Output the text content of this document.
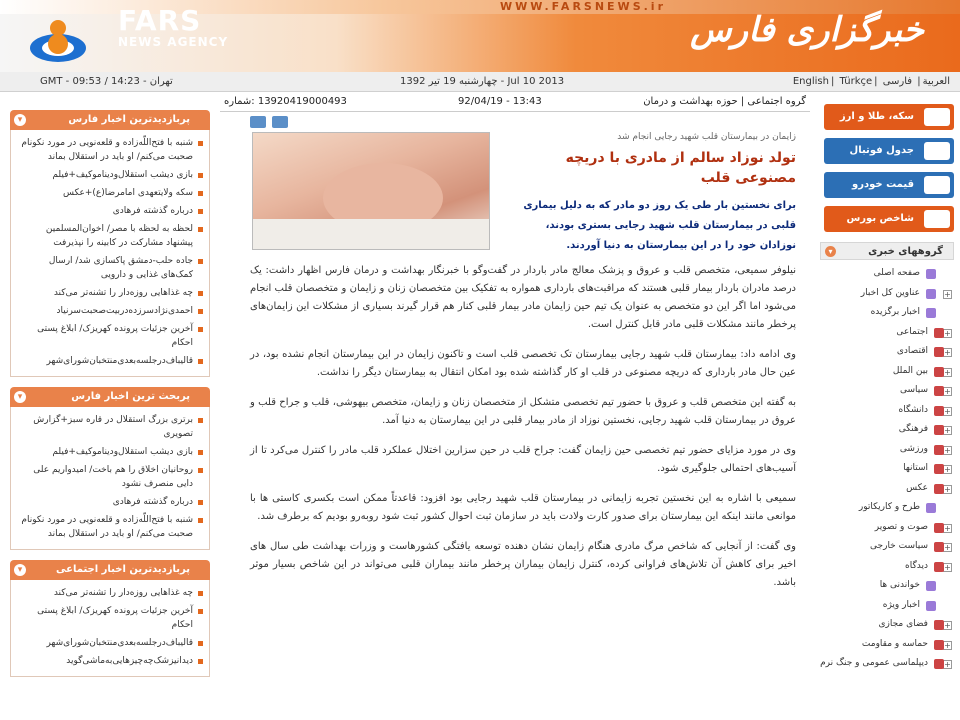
WWW.FARSNEWS.ir
FARS
NEWS AGENCY	خبرگزاری فارس
GMT - 09:53 / تهران - 14:23	چهارشنبه 19 تیر 1392 - Jul 10 2013	English | Türkçe |	العربية| فارسی
▾	پربازدیدترین اخبار فارس
شنبه با فتح‌اللّه‌زاده و قلعه‌نویی در مورد نکونام صحبت می‌کنم/ او باید در استقلال بماند
بازی دیشب استقلال‌ودیناموکیف+فیلم
سکه ولایتعهدی امامرضا(ع)+عکس
درباره گذشته فرهادی
لحظه به لحظه با مصر/ اخوان‌المسلمین پیشنهاد مشارکت در کابینه را نپذیرفت
جاده حلب-دمشق پاکسازی شد/ ارسال کمک‌های غذایی و دارویی
چه غذاهایی روزه‌دار را تشنه‌تر می‌کند
احمدی‌نژادسرزده‌دربیت‌صحبت‌سرنیاد
آخرین جزئیات پرونده کهریزک/ ابلاغ پستی احکام
قالیباف‌درجلسه‌بعدی‌منتخبان‌شورای‌شهر
▾	پربحث ترین اخبار فارس
برتری بزرگ استقلال در قاره سبز+گزارش تصویری
بازی دیشب استقلال‌ودیناموکیف+فیلم
روحانیان اخلاق را هم باخت/ امیدواریم علی دایی منصرف نشود
درباره گذشته فرهادی
شنبه با فتح‌اللّه‌زاده و قلعه‌نویی در مورد نکونام صحبت می‌کنم/ او باید در استقلال بماند
▾	پربازدیدترین اخبار اجتماعی
چه غذاهایی روزه‌دار را تشنه‌تر می‌کند
آخرین جزئیات پرونده کهریزک/ ابلاغ پستی احکام
قالیباف‌درجلسه‌بعدی‌منتخبان‌شورای‌شهر
دیدانیزشک‌چه‌چیزهایی‌به‌ماشی‌گوید
گروه اجتماعی | حوزه بهداشت و درمان
92/04/19 - 13:43
13920419000493 :شماره
زایمان در بیمارستان قلب شهید رجایی انجام شد
تولد نوزاد سالم از مادری با دریچه مصنوعی قلب
برای نخستین بار طی یک روز دو مادر که به دلیل بیماری قلبی در بیمارستان قلب شهید رجایی بستری بودند، نوزادان خود را در این بیمارستان به دنیا آوردند.

نیلوفر سمیعی، متخصص قلب و عروق و پزشک معالج مادر باردار در گفت‌وگو با خبرنگار بهداشت و درمان فارس اظهار داشت: یک درصد مادران باردار بیمار قلبی هستند که مراقبت‌های بارداری همواره به تفکیک بین متخصصان زنان و زایمان و متخصصان قلب انجام می‌شود اما اگر این دو متخصص به عنوان یک تیم حین زایمان مادر بیمار قلبی کنار هم قرار گیرند بسیاری از مشکلات این زایمان‌های پرخطر مانند مشکلات قلبی مادر قابل کنترل است.

وی ادامه داد: بیمارستان قلب شهید رجایی بیمارستان تک تخصصی قلب است و تاکنون زایمان در این بیمارستان انجام نشده بود، در عین حال مادر بارداری که دریچه مصنوعی در قلب او کار گذاشته شده بود امکان انتقال به بیمارستان دیگر را نداشت.

به گفته این متخصص قلب و عروق با حضور تیم تخصصی متشکل از متخصصان زنان و زایمان، متخصص بیهوشی، قلب و جراح قلب و عروق در بیمارستان قلب شهید رجایی، نخستین نوزاد از مادر بیمار قلبی در این بیمارستان به دنیا آمد.

وی در مورد مزایای حضور تیم تخصصی حین زایمان گفت: جراح قلب در حین سزارین اختلال عملکرد قلب مادر را کنترل می‌کرد تا از آسیب‌های احتمالی جلوگیری شود.

سمیعی با اشاره به این نخستین تجربه زایمانی در بیمارستان قلب شهید رجایی بود افزود: قاعدتاً ممکن است بکسری کاستی ها با موانعی مانند اینکه این بیمارستان برای صدور کارت ولادت باید در سازمان ثبت احوال کشور ثبت شود روبه‌رو بودیم که برطرف شد.

وی گفت: از آنجایی که شاخص مرگ مادری هنگام زایمان نشان دهنده توسعه یافتگی کشورهاست و وزرات بهداشت طی سال های اخیر برای کاهش آن تلاش‌های فراوانی کرده، کنترل زایمان بیماران پرخطر مانند بیماران قلبی می‌تواند در این شاخص بسیار موثر باشد.

سکه، طلا و ارز
جدول فوتبال
قیمت خودرو
شاخص بورس
▾	گروههای خبری
صفحه اصلی
+
عناوین کل اخبار
اخبار برگزیده
+
اجتماعی
+
اقتصادی
+
بین الملل
+
سیاسی
+
دانشگاه
+
فرهنگی
+
ورزشی
+
استانها
+
عکس
طرح و کاریکاتور
+
صوت و تصویر
+
سیاست خارجی
+
دیدگاه
خواندنی ها
اخبار ویژه
+
فضای مجازی
+
حماسه و مقاومت
+
دیپلماسی عمومی و جنگ نرم
